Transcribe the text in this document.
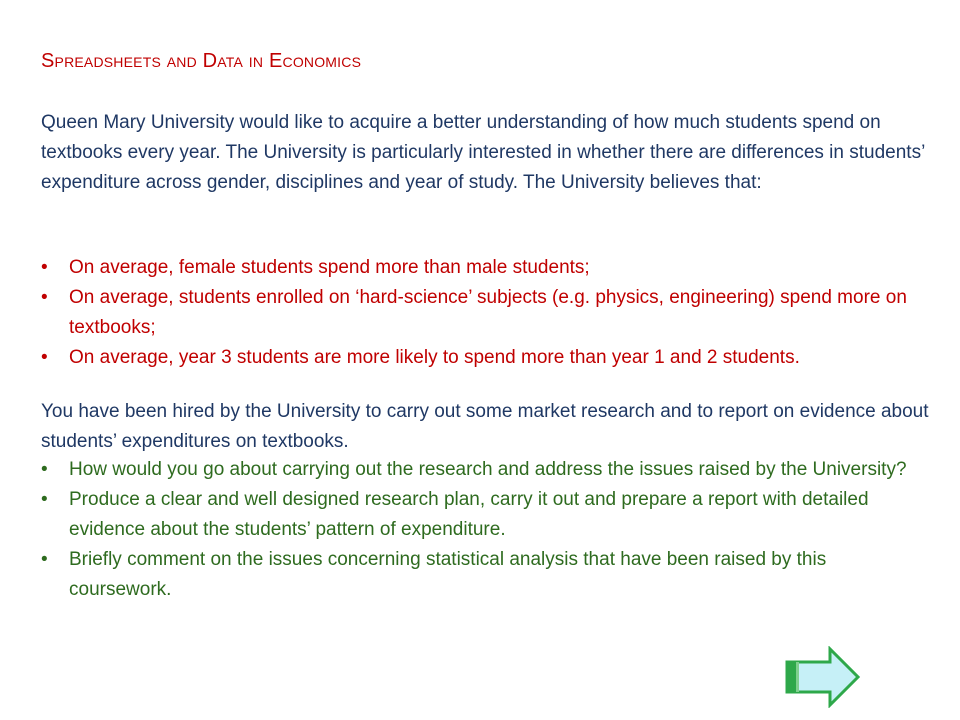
Spreadsheets and Data in Economics
Queen Mary University would like to acquire a better understanding of how much students spend on textbooks every year. The University is particularly interested in whether there are differences in students’ expenditure across gender, disciplines and year of study. The University believes that:
• On average, female students spend more than male students;
• On average, students enrolled on ‘hard-science’ subjects (e.g. physics, engineering) spend more on textbooks;
• On average, year 3 students are more likely to spend more than year 1 and 2 students.
You have been hired by the University to carry out some market research and to report on evidence about students’ expenditures on textbooks.
• How would you go about carrying out the research and address the issues raised by the University?
• Produce a clear and well designed research plan, carry it out and prepare a report with detailed evidence about the students’ pattern of expenditure.
• Briefly comment on the issues concerning statistical analysis that have been raised by this coursework.
